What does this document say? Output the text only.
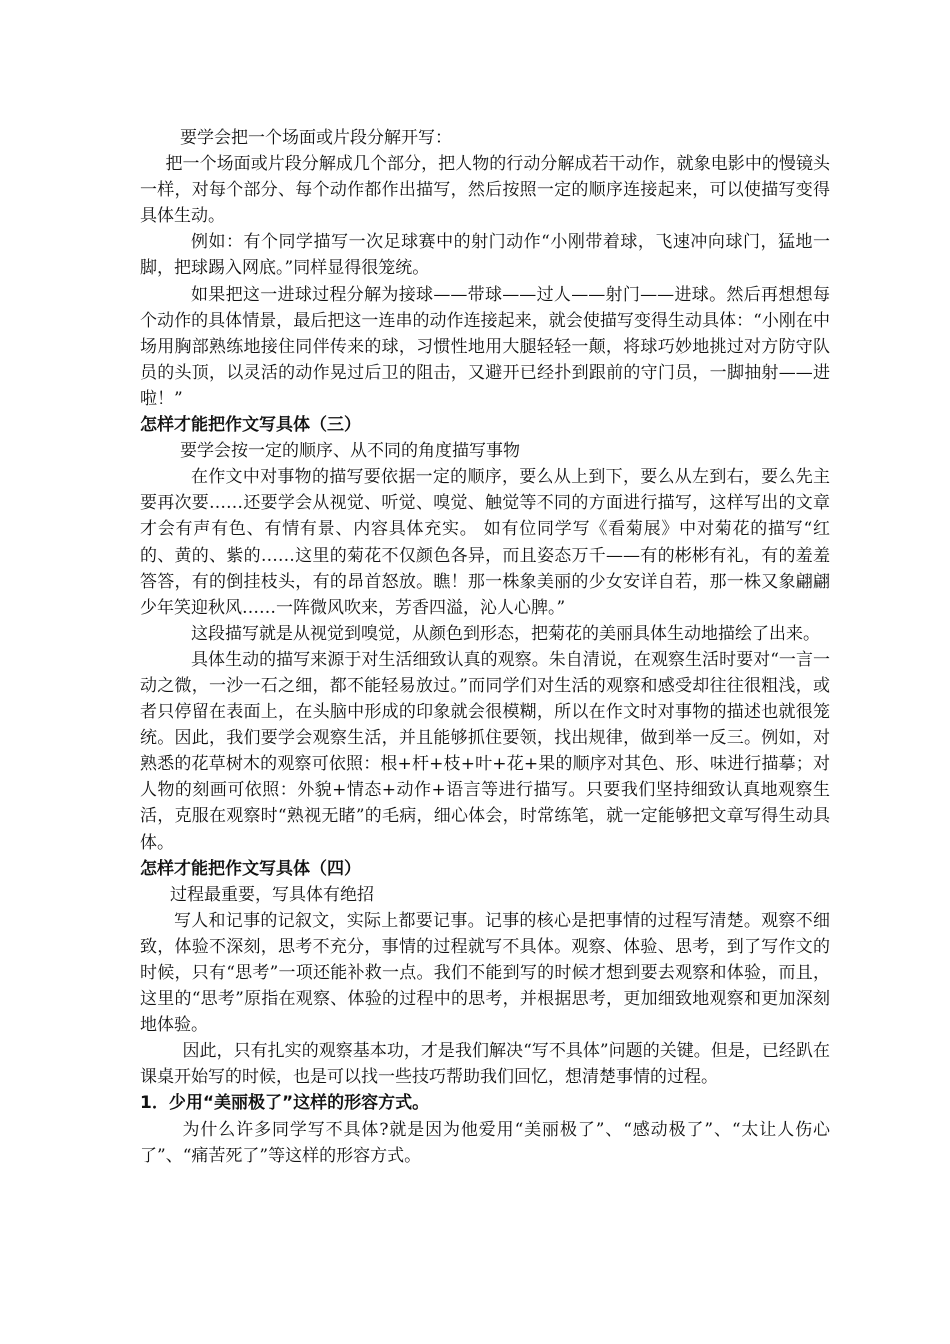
要学会把一个场面或片段分解开写：

把一个场面或片段分解成几个部分，把人物的行动分解成若干动作，就象电影中的慢镜头一样，对每个部分、每个动作都作出描写，然后按照一定的顺序连接起来，可以使描写变得具体生动。

例如：有个同学描写一次足球赛中的射门动作“小刚带着球，飞速冲向球门，猛地一脚，把球踢入网底。”同样显得很笼统。

如果把这一进球过程分解为接球——带球——过人——射门——进球。然后再想想每个动作的具体情景，最后把这一连串的动作连接起来，就会使描写变得生动具体：“小刚在中场用胸部熟练地接住同伴传来的球，习惯性地用大腿轻轻一颠，将球巧妙地挑过对方防守队员的头顶，以灵活的动作晃过后卫的阻击，又避开已经扑到跟前的守门员，一脚抽射——进啦！”

怎样才能把作文写具体（三）

要学会按一定的顺序、从不同的角度描写事物

在作文中对事物的描写要依据一定的顺序，要么从上到下，要么从左到右，要么先主要再次要……还要学会从视觉、听觉、嗅觉、触觉等不同的方面进行描写，这样写出的文章才会有声有色、有情有景、内容具体充实。 如有位同学写《看菊展》中对菊花的描写“红的、黄的、紫的……这里的菊花不仅颜色各异，而且姿态万千——有的彬彬有礼，有的羞羞答答，有的倒挂枝头，有的昂首怒放。瞧！那一株象美丽的少女安详自若，那一株又象翩翩少年笑迎秋风……一阵微风吹来，芳香四溢，沁人心脾。”

这段描写就是从视觉到嗅觉，从颜色到形态，把菊花的美丽具体生动地描绘了出来。

具体生动的描写来源于对生活细致认真的观察。朱自清说，在观察生活时要对“一言一动之微，一沙一石之细，都不能轻易放过。”而同学们对生活的观察和感受却往往很粗浅，或者只停留在表面上，在头脑中形成的印象就会很模糊，所以在作文时对事物的描述也就很笼统。因此，我们要学会观察生活，并且能够抓住要领，找出规律，做到举一反三。例如，对熟悉的花草树木的观察可依照：根+杆+枝+叶+花+果的顺序对其色、形、味进行描摹；对人物的刻画可依照：外貌+情态+动作+语言等进行描写。只要我们坚持细致认真地观察生活，克服在观察时“熟视无睹”的毛病，细心体会，时常练笔，就一定能够把文章写得生动具体。

怎样才能把作文写具体（四）

过程最重要，写具体有绝招

写人和记事的记叙文，实际上都要记事。记事的核心是把事情的过程写清楚。观察不细致，体验不深刻，思考不充分，事情的过程就写不具体。观察、体验、思考，到了写作文的时候，只有“思考”一项还能补救一点。我们不能到写的时候才想到要去观察和体验，而且，这里的“思考”原指在观察、体验的过程中的思考，并根据思考，更加细致地观察和更加深刻地体验。

因此，只有扎实的观察基本功，才是我们解决“写不具体”问题的关键。但是，已经趴在课桌开始写的时候，也是可以找一些技巧帮助我们回忆，想清楚事情的过程。

1．少用“美丽极了”这样的形容方式。

为什么许多同学写不具体?就是因为他爱用“美丽极了”、“感动极了”、“太让人伤心了”、“痛苦死了”等这样的形容方式。
